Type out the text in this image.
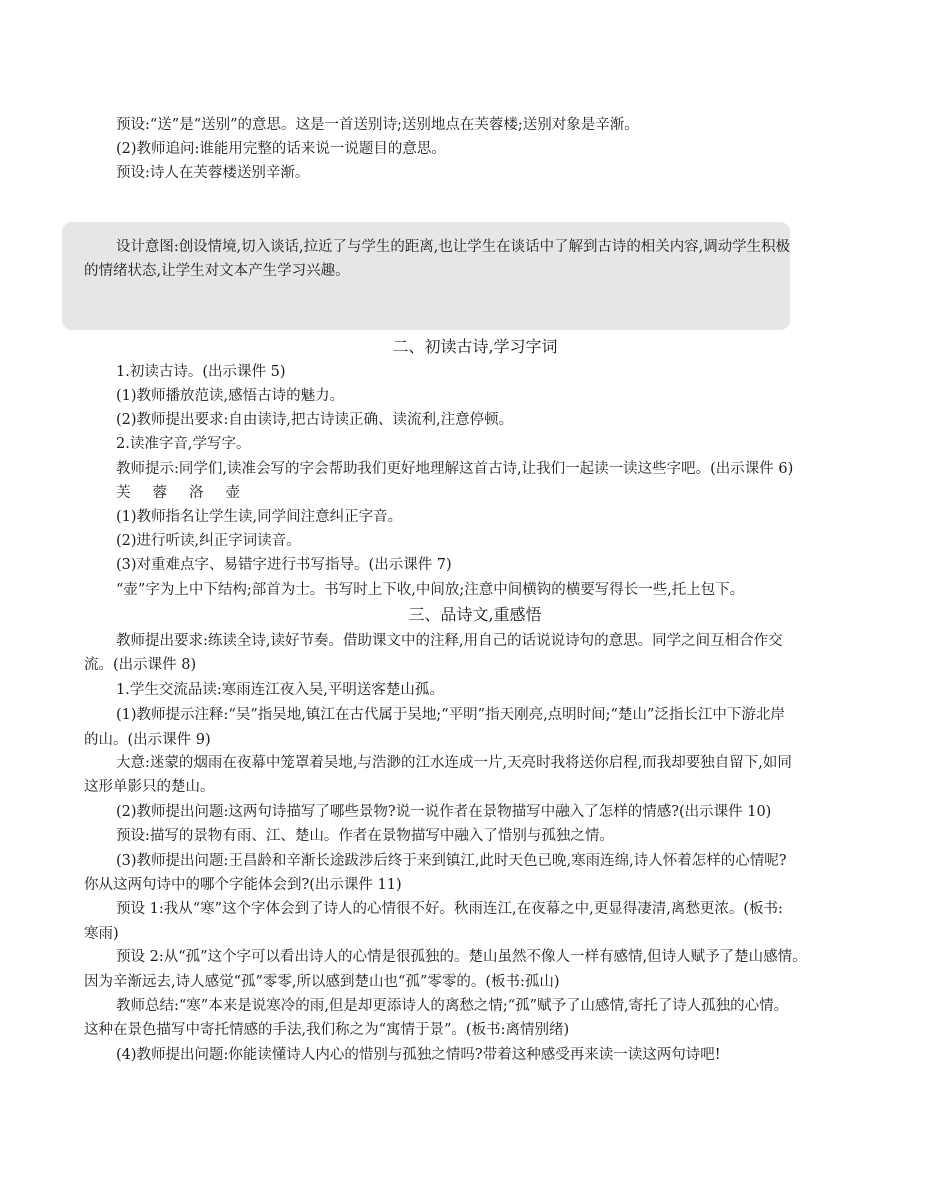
预设:“送”是“送别”的意思。这是一首送别诗;送别地点在芙蓉楼;送别对象是辛渐。
(2)教师追问:谁能用完整的话来说一说题目的意思。
预设:诗人在芙蓉楼送别辛渐。
设计意图:创设情境,切入谈话,拉近了与学生的距离,也让学生在谈话中了解到古诗的相关内容,调动学生积极
的情绪状态,让学生对文本产生学习兴趣。
二、初读古诗,学习字词
1.初读古诗。(出示课件 5)
(1)教师播放范读,感悟古诗的魅力。
(2)教师提出要求:自由读诗,把古诗读正确、读流利,注意停顿。
2.读准字音,学写字。
教师提示:同学们,读准会写的字会帮助我们更好地理解这首古诗,让我们一起读一读这些字吧。(出示课件 6)
芙 蓉 洛 壶
(1)教师指名让学生读,同学间注意纠正字音。
(2)进行听读,纠正字词读音。
(3)对重难点字、易错字进行书写指导。(出示课件 7)
“壶”字为上中下结构;部首为士。书写时上下收,中间放;注意中间横钩的横要写得长一些,托上包下。
三、品诗文,重感悟
教师提出要求:练读全诗,读好节奏。借助课文中的注释,用自己的话说说诗句的意思。同学之间互相合作交
流。(出示课件 8)
1.学生交流品读:寒雨连江夜入吴,平明送客楚山孤。
(1)教师提示注释:“吴”指吴地,镇江在古代属于吴地;“平明”指天刚亮,点明时间;“楚山”泛指长江中下游北岸
的山。(出示课件 9)
大意:迷蒙的烟雨在夜幕中笼罩着吴地,与浩渺的江水连成一片,天亮时我将送你启程,而我却要独自留下,如同
这形单影只的楚山。
(2)教师提出问题:这两句诗描写了哪些景物?说一说作者在景物描写中融入了怎样的情感?(出示课件 10)
预设:描写的景物有雨、江、楚山。作者在景物描写中融入了惜别与孤独之情。
(3)教师提出问题:王昌龄和辛渐长途跋涉后终于来到镇江,此时天色已晚,寒雨连绵,诗人怀着怎样的心情呢?
你从这两句诗中的哪个字能体会到?(出示课件 11)
预设 1:我从“寒”这个字体会到了诗人的心情很不好。秋雨连江,在夜幕之中,更显得凄清,离愁更浓。(板书:
寒雨)
预设 2:从“孤”这个字可以看出诗人的心情是很孤独的。楚山虽然不像人一样有感情,但诗人赋予了楚山感情。
因为辛渐远去,诗人感觉“孤”零零,所以感到楚山也“孤”零零的。(板书:孤山)
教师总结:“寒”本来是说寒冷的雨,但是却更添诗人的离愁之情;“孤”赋予了山感情,寄托了诗人孤独的心情。
这种在景色描写中寄托情感的手法,我们称之为“寓情于景”。(板书:离情别绪)
(4)教师提出问题:你能读懂诗人内心的惜别与孤独之情吗?带着这种感受再来读一读这两句诗吧!
